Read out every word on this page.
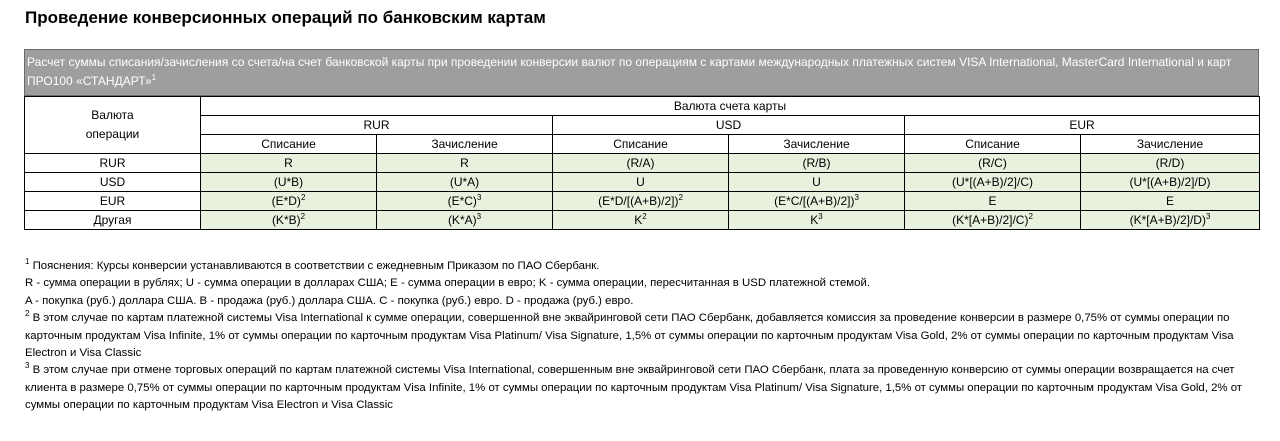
Проведение конверсионных операций по банковским картам
Расчет суммы списания/зачисления со счета/на счет банковской карты при проведении конверсии валют по операциям с картами международных платежных систем VISA International, MasterCard International и карт ПРО100 «СТАНДАРТ»$^1$
Валюта
операции	Валюта счета карты					
	RUR		USD		EUR	
	Списание	Зачисление	Списание	Зачисление	Списание	Зачисление
RUR	R	R	(R/A)	(R/B)	(R/C)	(R/D)
USD	(U*B)	(U*A)	U	U	(U*[(A+B)/2]/C)	(U*[(A+B)/2]/D)
EUR	$(E*D)^2$	$(E*C)^3$	$(E*D/[(A+B)/2])^2$	$(E*C/[(A+B)/2])^3$	E	E
Другая	$(K*B)^2$	$(K*A)^3$	$K^2$	$K^3$	(K*[A+B)/2]/C)$^2$	(K*[A+B)/2]/D)$^3$

$^1$ Пояснения: Курсы конверсии устанавливаются в соответствии с ежедневным Приказом по ПАО Сбербанк.

R - сумма операции в рублях; U - сумма операции в долларах США; E - сумма операции в евро; K - сумма операции, пересчитанная в USD платежной стемой.

A - покупка (руб.) доллара США. B - продажа (руб.) доллара США. C - покупка (руб.) евро. D - продажа (руб.) евро.

$^2$ В этом случае по картам платежной системы Visa International к сумме операции, совершенной вне эквайринговой сети ПАО Сбербанк, добавляется комиссия за проведение конверсии в размере 0,75% от суммы операции по карточным продуктам Visa Infinite, 1% от суммы операции по карточным продуктам Visa Platinum/ Visa Signature, 1,5% от суммы операции по карточным продуктам Visa Gold, 2% от суммы операции по карточным продуктам Visa Electron и Visa Classic

$^3$ В этом случае при отмене торговых операций по картам платежной системы Visa International, совершенным вне эквайринговой сети ПАО Сбербанк, плата за проведенную конверсию от суммы операции возвращается на счет клиента в размере 0,75% от суммы операции по карточным продуктам Visa Infinite, 1% от суммы операции по карточным продуктам Visa Platinum/ Visa Signature, 1,5% от суммы операции по карточным продуктам Visa Gold, 2% от суммы операции по карточным продуктам Visa Electron и Visa Classic
